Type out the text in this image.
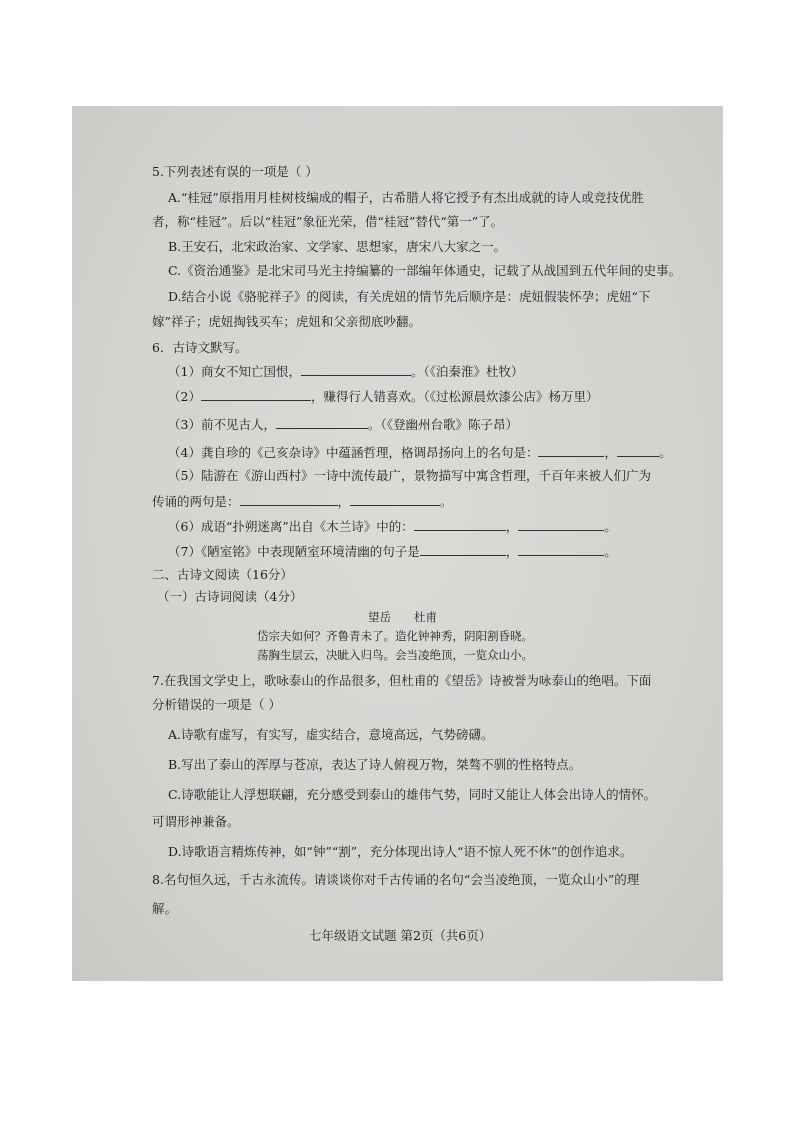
5.下列表述有误的一项是（ ）
A.“桂冠”原指用月桂树枝编成的帽子，古希腊人将它授予有杰出成就的诗人或竞技优胜
者，称“桂冠”。后以“桂冠”象征光荣，借“桂冠”替代“第一”了。
B.王安石，北宋政治家、文学家、思想家，唐宋八大家之一。
C.《资治通鉴》是北宋司马光主持编纂的一部编年体通史，记载了从战国到五代年间的史事。
D.结合小说《骆驼祥子》的阅读，有关虎妞的情节先后顺序是：虎妞假装怀孕；虎妞“下
嫁”祥子；虎妞掏钱买车；虎妞和父亲彻底吵翻。
6．古诗文默写。
（1）商女不知亡国恨，	。（《泊秦淮》杜牧）
（2）	，赚得行人错喜欢。（《过松源晨炊漆公店》杨万里）
（3）前不见古人，	。（《登幽州台歌》陈子昂）
（4）龚自珍的《己亥杂诗》中蕴涵哲理，格调昂扬向上的名句是：	，	。
（5）陆游在《游山西村》一诗中流传最广，景物描写中寓含哲理，千百年来被人们广为
传诵的两句是：	，	。
（6）成语“扑朔迷离”出自《木兰诗》中的：	，	。
（7）《陋室铭》中表现陋室环境清幽的句子是	，	。
二、古诗文阅读（16分）
（一）古诗词阅读（4分）
望岳　　杜甫
岱宗夫如何？齐鲁青未了。造化钟神秀，阴阳割昏晓。
荡胸生层云，决眦入归鸟。会当凌绝顶，一览众山小。
7.在我国文学史上，歌咏泰山的作品很多，但杜甫的《望岳》诗被誉为咏泰山的绝唱。下面
分析错误的一项是（ ）
A.诗歌有虚写，有实写，虚实结合，意境高远，气势磅礴。
B.写出了泰山的浑厚与苍凉，表达了诗人俯视万物，桀骜不驯的性格特点。
C.诗歌能让人浮想联翩，充分感受到泰山的雄伟气势，同时又能让人体会出诗人的情怀。
可谓形神兼备。
D.诗歌语言精炼传神，如“钟”“割”，充分体现出诗人“语不惊人死不休”的创作追求。
8.名句恒久远，千古永流传。请谈谈你对千古传诵的名句“会当凌绝顶，一览众山小”的理
解。
七年级语文试题 第2页（共6页）
